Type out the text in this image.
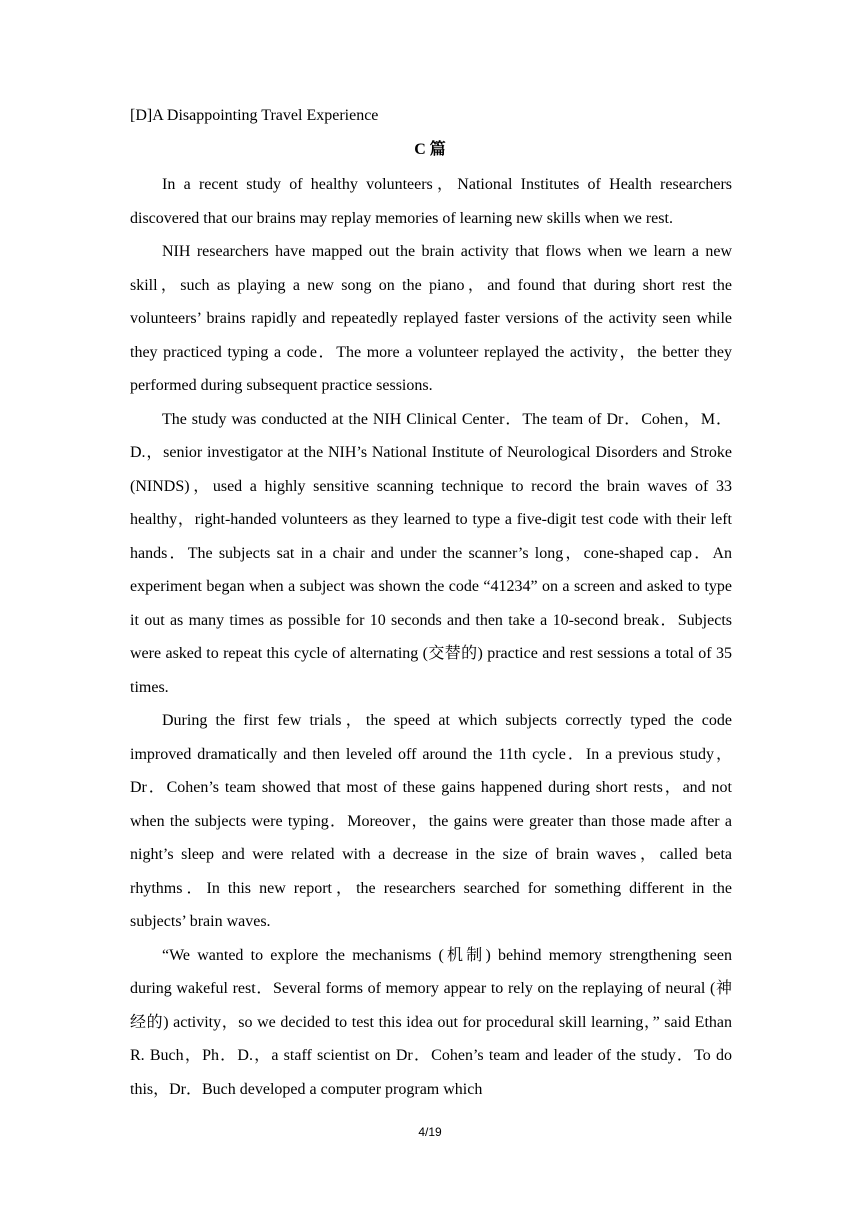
[D]A Disappointing Travel Experience
C 篇

In a recent study of healthy volunteers，National Institutes of Health researchers discovered that our brains may replay memories of learning new skills when we rest.

NIH researchers have mapped out the brain activity that flows when we learn a new skill，such as playing a new song on the piano，and found that during short rest the volunteers’ brains rapidly and repeatedly replayed faster versions of the activity seen while they practiced typing a code．The more a volunteer replayed the activity，the better they performed during subsequent practice sessions.

The study was conducted at the NIH Clinical Center．The team of Dr．Cohen，M．D.，senior investigator at the NIH’s National Institute of Neurological Disorders and Stroke (NINDS)，used a highly sensitive scanning technique to record the brain waves of 33 healthy，right-handed volunteers as they learned to type a five-digit test code with their left hands．The subjects sat in a chair and under the scanner’s long，cone-shaped cap．An experiment began when a subject was shown the code “41234” on a screen and asked to type it out as many times as possible for 10 seconds and then take a 10-second break．Subjects were asked to repeat this cycle of alternating (交替的) practice and rest sessions a total of 35 times.

During the first few trials，the speed at which subjects correctly typed the code improved dramatically and then leveled off around the 11th cycle．In a previous study，Dr．Cohen’s team showed that most of these gains happened during short rests，and not when the subjects were typing．Moreover，the gains were greater than those made after a night’s sleep and were related with a decrease in the size of brain waves，called beta rhythms．In this new report，the researchers searched for something different in the subjects’ brain waves.

“We wanted to explore the mechanisms (机制) behind memory strengthening seen during wakeful rest．Several forms of memory appear to rely on the replaying of neural (神经的) activity，so we decided to test this idea out for procedural skill learning，” said Ethan R. Buch，Ph．D.，a staff scientist on Dr．Cohen’s team and leader of the study．To do this，Dr．Buch developed a computer program which

4/19
